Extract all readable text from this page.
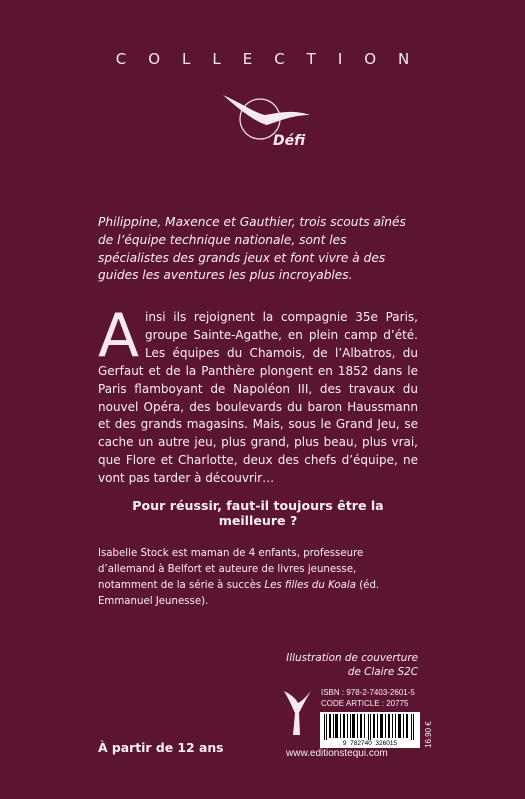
COLLECTION
Défi
Philippine, Maxence et Gauthier, trois scouts aînés de l’équipe technique nationale, sont les spécialistes des grands jeux et font vivre à des guides les aventures les plus incroyables.
Ainsi ils rejoignent la compagnie 35e Paris, groupe Sainte-Agathe, en plein camp d’été. Les équipes du Chamois, de l’Albatros, du Gerfaut et de la Panthère plongent en 1852 dans le Paris flamboyant de Napoléon III, des travaux du nouvel Opéra, des boulevards du baron Haussmann et des grands magasins. Mais, sous le Grand Jeu, se cache un autre jeu, plus grand, plus beau, plus vrai, que Flore et Charlotte, deux des chefs d’équipe, ne vont pas tarder à découvrir…
Pour réussir, faut-il toujours être la meilleure ?
Isabelle Stock est maman de 4 enfants, professeure d’allemand à Belfort et auteure de livres jeunesse, notamment de la série à succès Les filles du Koala (éd. Emmanuel Jeunesse).
Illustration de couverture
de Claire S2C
ISBN : 978-2-7403-2601-5
CODE ARTICLE : 20775
9  782740  326015	16.90 €
À partir de 12 ans	www.editionstequi.com
